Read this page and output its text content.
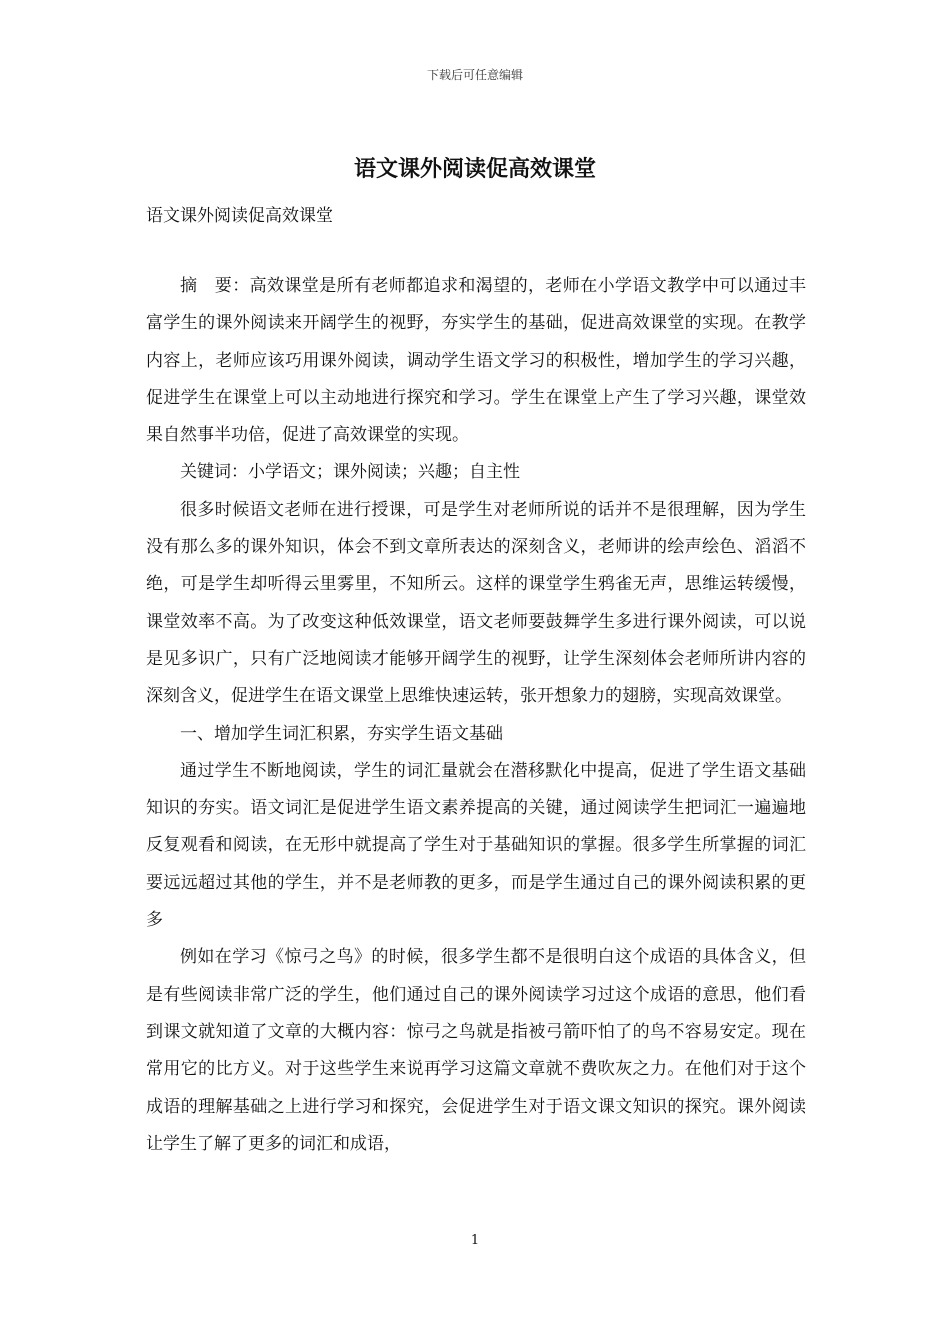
下载后可任意编辑
语文课外阅读促高效课堂

语文课外阅读促高效课堂

摘　要：高效课堂是所有老师都追求和渴望的，老师在小学语文教学中可以通过丰富学生的课外阅读来开阔学生的视野，夯实学生的基础，促进高效课堂的实现。在教学内容上，老师应该巧用课外阅读，调动学生语文学习的积极性，增加学生的学习兴趣，促进学生在课堂上可以主动地进行探究和学习。学生在课堂上产生了学习兴趣，课堂效果自然事半功倍，促进了高效课堂的实现。

关键词：小学语文；课外阅读；兴趣；自主性

很多时候语文老师在进行授课，可是学生对老师所说的话并不是很理解，因为学生没有那么多的课外知识，体会不到文章所表达的深刻含义，老师讲的绘声绘色、滔滔不绝，可是学生却听得云里雾里，不知所云。这样的课堂学生鸦雀无声，思维运转缓慢，课堂效率不高。为了改变这种低效课堂，语文老师要鼓舞学生多进行课外阅读，可以说是见多识广，只有广泛地阅读才能够开阔学生的视野，让学生深刻体会老师所讲内容的深刻含义，促进学生在语文课堂上思维快速运转，张开想象力的翅膀，实现高效课堂。

一、增加学生词汇积累，夯实学生语文基础

通过学生不断地阅读，学生的词汇量就会在潜移默化中提高，促进了学生语文基础知识的夯实。语文词汇是促进学生语文素养提高的关键，通过阅读学生把词汇一遍遍地反复观看和阅读，在无形中就提高了学生对于基础知识的掌握。很多学生所掌握的词汇要远远超过其他的学生，并不是老师教的更多，而是学生通过自己的课外阅读积累的更多

例如在学习《惊弓之鸟》的时候，很多学生都不是很明白这个成语的具体含义，但是有些阅读非常广泛的学生，他们通过自己的课外阅读学习过这个成语的意思，他们看到课文就知道了文章的大概内容：惊弓之鸟就是指被弓箭吓怕了的鸟不容易安定。现在常用它的比方义。对于这些学生来说再学习这篇文章就不费吹灰之力。在他们对于这个成语的理解基础之上进行学习和探究，会促进学生对于语文课文知识的探究。课外阅读让学生了解了更多的词汇和成语，

1
